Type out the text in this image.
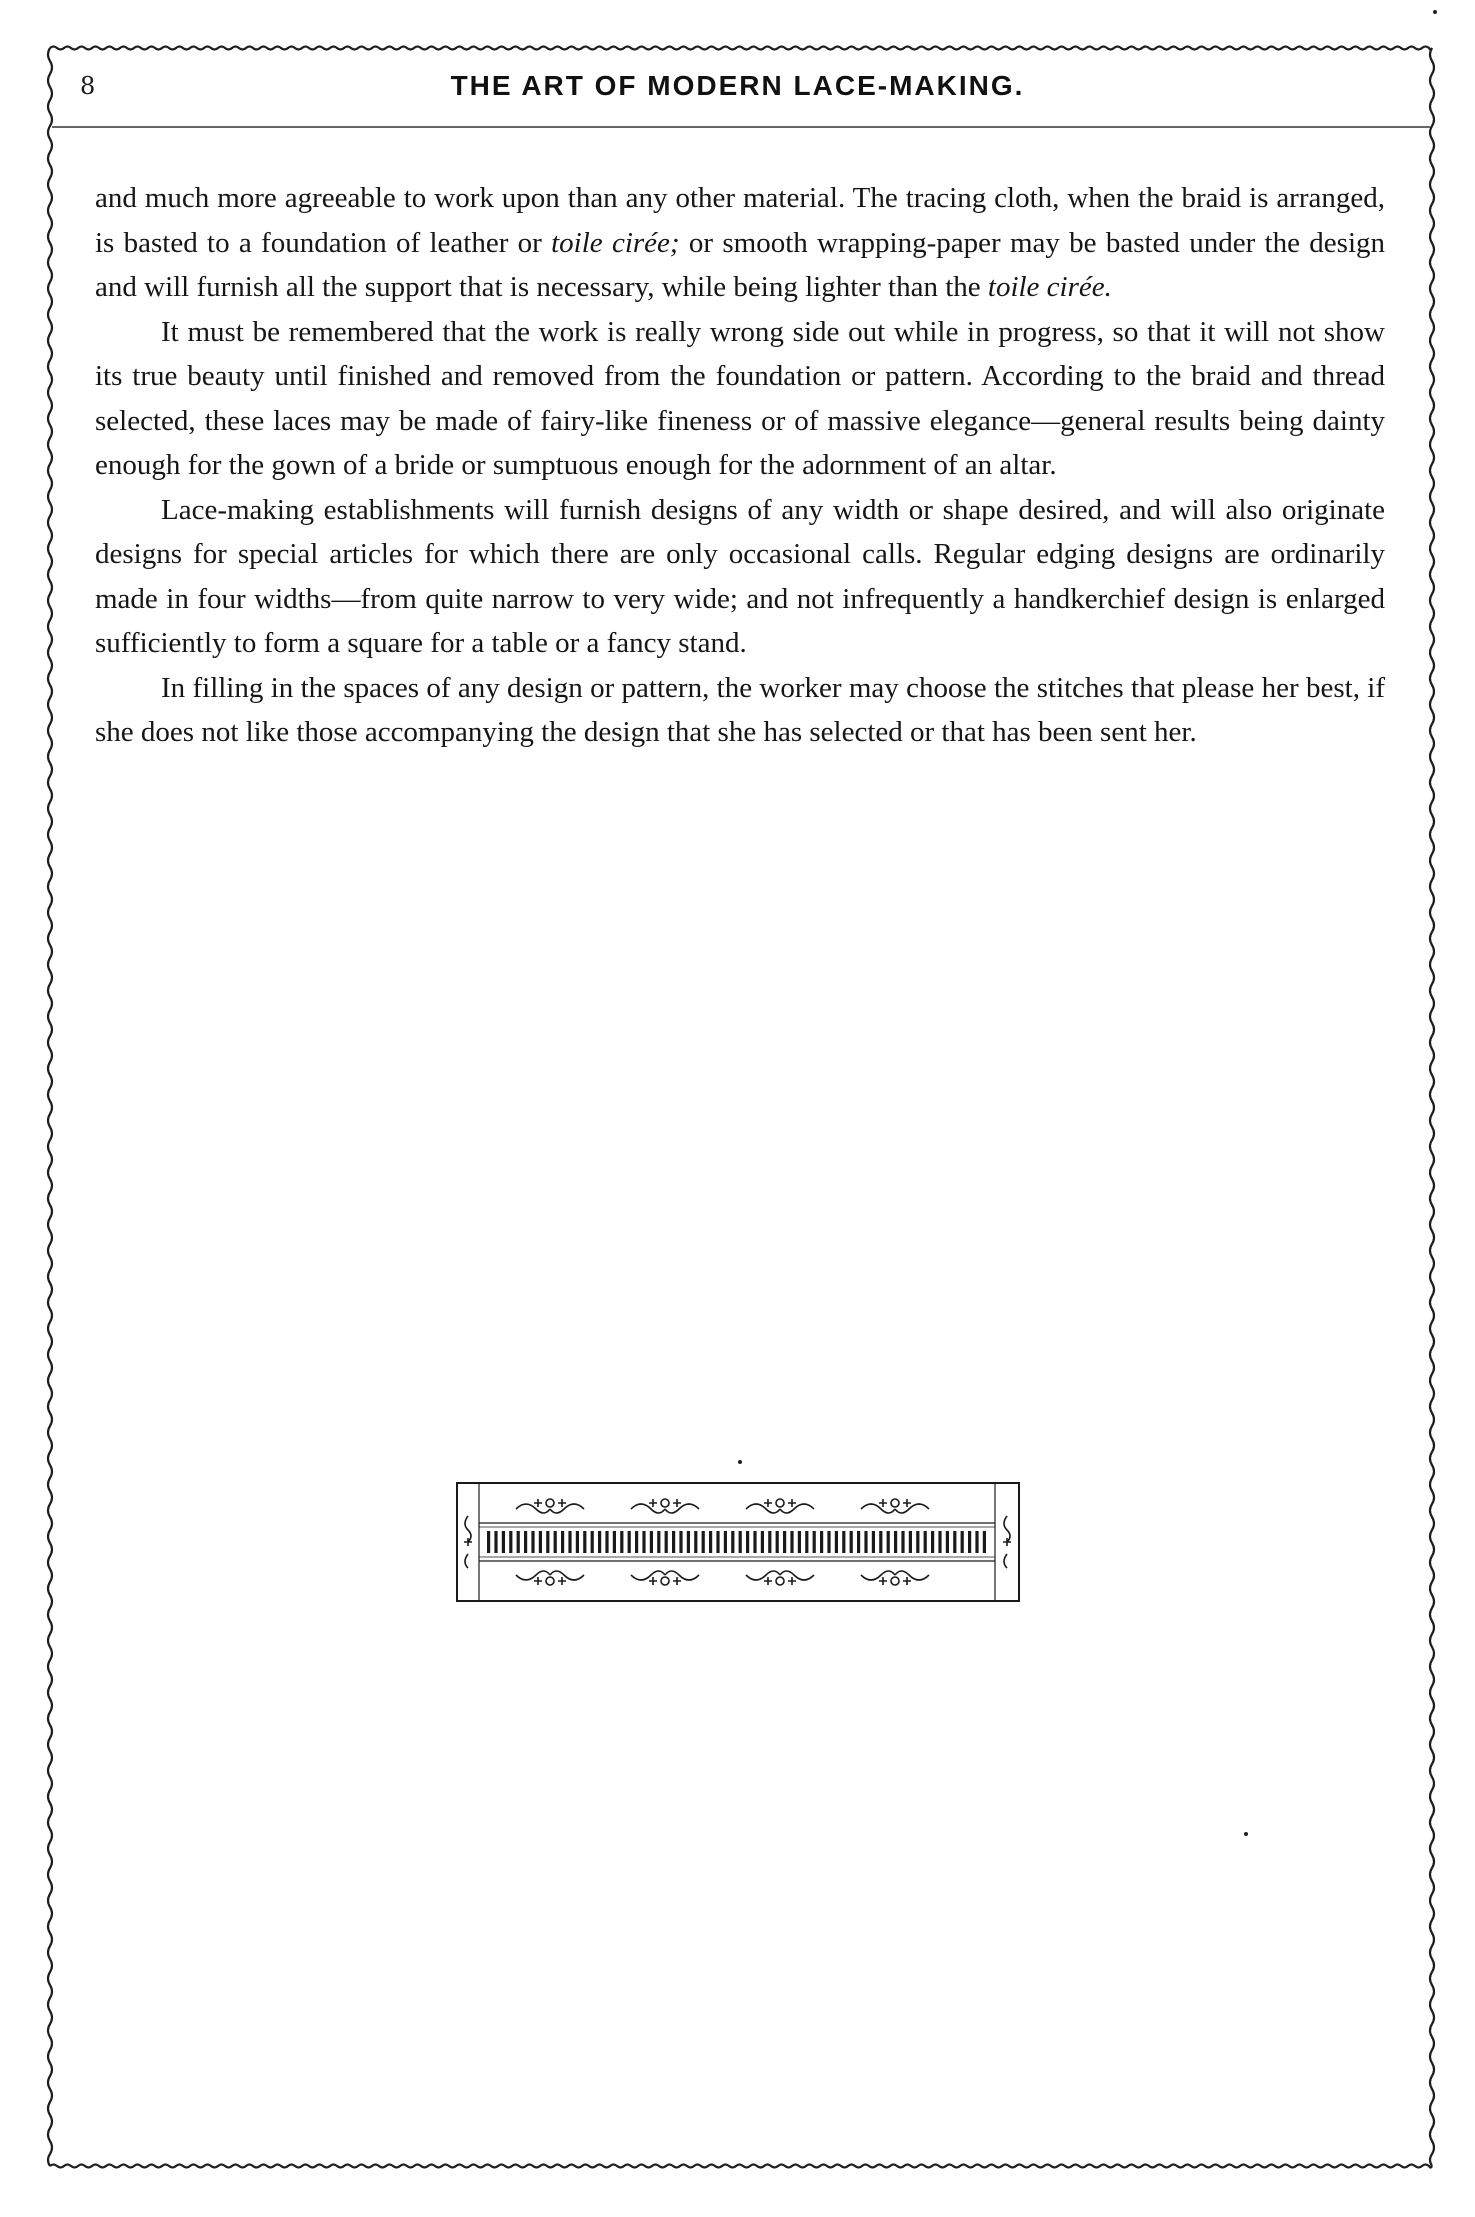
8	THE ART OF MODERN LACE-MAKING.

and much more agreeable to work upon than any other material. The tracing cloth, when the braid is arranged, is basted to a foundation of leather or toile cirée; or smooth wrapping-paper may be basted under the design and will furnish all the support that is necessary, while being lighter than the toile cirée.

It must be remembered that the work is really wrong side out while in progress, so that it will not show its true beauty until finished and removed from the foundation or pattern. According to the braid and thread selected, these laces may be made of fairy-like fineness or of massive elegance—general results being dainty enough for the gown of a bride or sumptuous enough for the adornment of an altar.

Lace-making establishments will furnish designs of any width or shape desired, and will also originate designs for special articles for which there are only occasional calls. Regular edging designs are ordinarily made in four widths—from quite narrow to very wide; and not infrequently a handkerchief design is enlarged sufficiently to form a square for a table or a fancy stand.

In filling in the spaces of any design or pattern, the worker may choose the stitches that please her best, if she does not like those accompanying the design that she has selected or that has been sent her.
